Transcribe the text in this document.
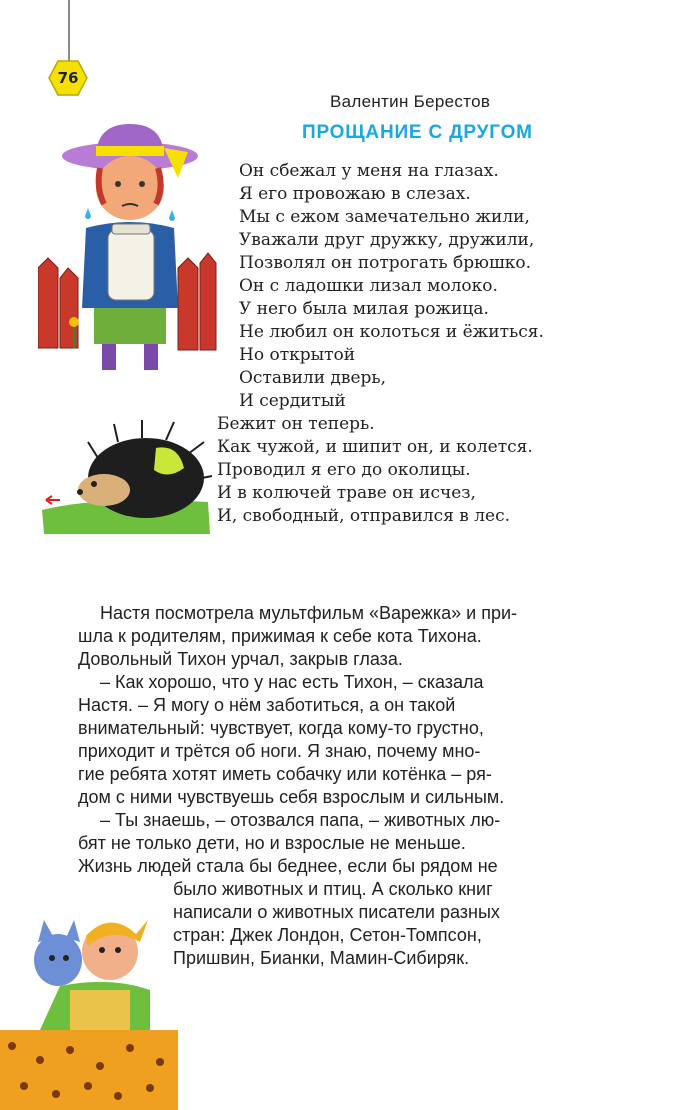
76
Валентин Берестов
ПРОЩАНИЕ С ДРУГОМ
Он сбежал у меня на глазах.
Я его провожаю в слезах.
Мы с ежом замечательно жили,
Уважали друг дружку, дружили,
Позволял он потрогать брюшко.
Он с ладошки лизал молоко.
У него была милая рожица.
Не любил он колоться и ёжиться.
Но открытой
Оставили дверь,
И сердитый
Бежит он теперь.
Как чужой, и шипит он, и колется.
Проводил я его до околицы.
И в колючей траве он исчез,
И, свободный, отправился в лес.
Настя посмотрела мультфильм «Варежка» и при-
шла к родителям, прижимая к себе кота Тихона.
Довольный Тихон урчал, закрыв глаза.
– Как хорошо, что у нас есть Тихон, – сказала
Настя. – Я могу о нём заботиться, а он такой
внимательный: чувствует, когда кому-то грустно,
приходит и трётся об ноги. Я знаю, почему мно-
гие ребята хотят иметь собачку или котёнка – ря-
дом с ними чувствуешь себя взрослым и сильным.
– Ты знаешь, – отозвался папа, – животных лю-
бят не только дети, но и взрослые не меньше.
Жизнь людей стала бы беднее, если бы рядом не
было животных и птиц. А сколько книг
написали о животных писатели разных
стран: Джек Лондон, Сетон-Томпсон,
Пришвин, Бианки, Мамин-Сибиряк.
